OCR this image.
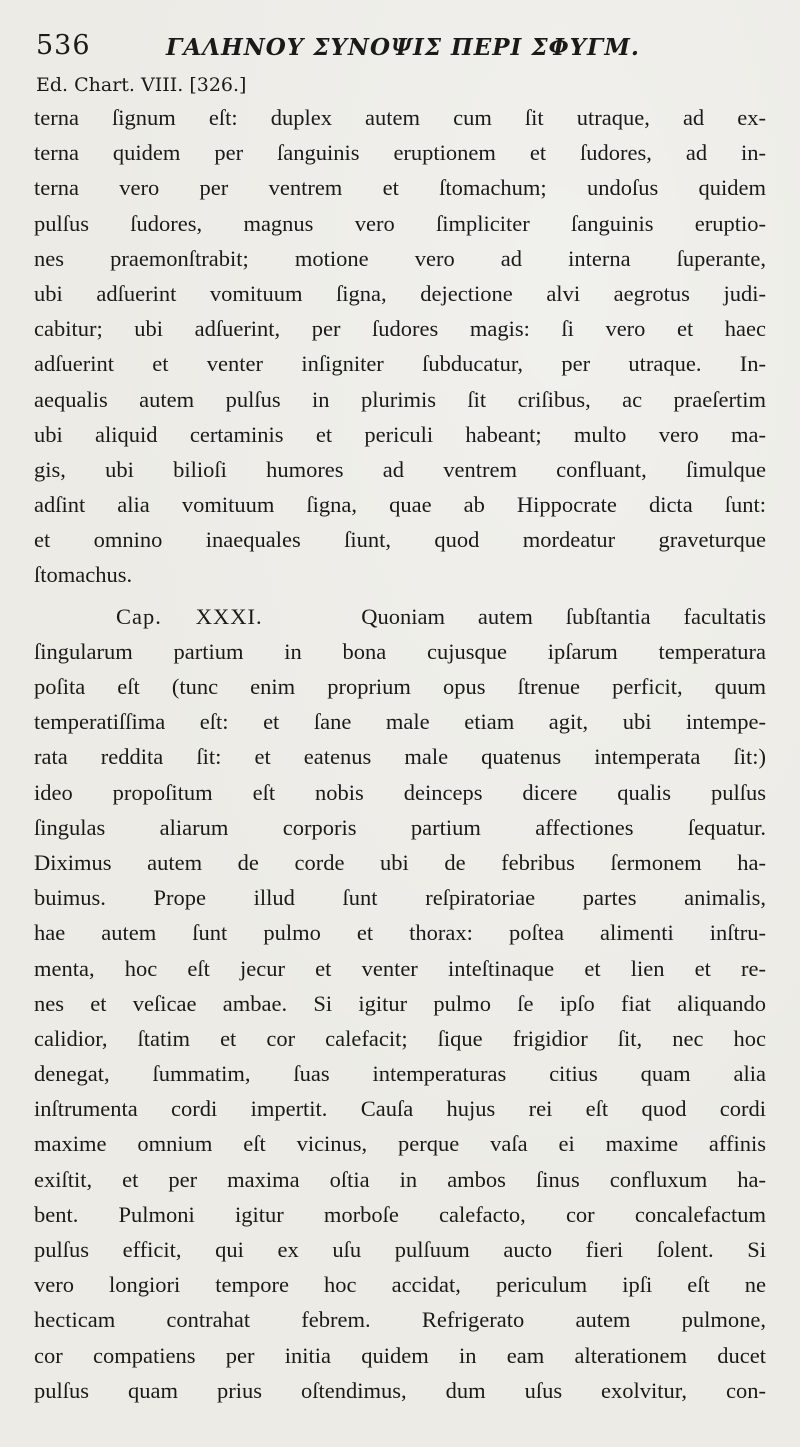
536	ΓΑΛΗΝΟΥ ΣΥΝΟΨΙΣ ΠΕΡΙ ΣΦΥΓΜ.
Ed. Chart. VIII. [326.]
terna ſignum eſt: duplex autem cum ſit utraque, ad ex-
terna quidem per ſanguinis eruptionem et ſudores, ad in-
terna vero per ventrem et ſtomachum; undoſus quidem
pulſus ſudores, magnus vero ſimpliciter ſanguinis eruptio-
nes praemonſtrabit; motione vero ad interna ſuperante,
ubi adſuerint vomituum ſigna, dejectione alvi aegrotus judi-
cabitur; ubi adſuerint, per ſudores magis: ſi vero et haec
adſuerint et venter inſigniter ſubducatur, per utraque. In-
aequalis autem pulſus in plurimis ſit criſibus, ac praeſertim
ubi aliquid certaminis et periculi habeant; multo vero ma-
gis, ubi bilioſi humores ad ventrem confluant, ſimulque
adſint alia vomituum ſigna, quae ab Hippocrate dicta ſunt:
et omnino inaequales ſiunt, quod mordeatur graveturque
ſtomachus.
Cap. XXXI.	Quoniam autem ſubſtantia facultatis
ſingularum partium in bona cujusque ipſarum temperatura
poſita eſt (tunc enim proprium opus ſtrenue perficit, quum
temperatiſſima eſt: et ſane male etiam agit, ubi intempe-
rata reddita ſit: et eatenus male quatenus intemperata ſit:)
ideo propoſitum eſt nobis deinceps dicere qualis pulſus
ſingulas aliarum corporis partium affectiones ſequatur.
Diximus autem de corde ubi de febribus ſermonem ha-
buimus. Prope illud ſunt reſpiratoriae partes animalis,
hae autem ſunt pulmo et thorax: poſtea alimenti inſtru-
menta, hoc eſt jecur et venter inteſtinaque et lien et re-
nes et veſicae ambae. Si igitur pulmo ſe ipſo fiat aliquando
calidior, ſtatim et cor calefacit; ſique frigidior ſit, nec hoc
denegat, ſummatim, ſuas intemperaturas citius quam alia
inſtrumenta cordi impertit. Cauſa hujus rei eſt quod cordi
maxime omnium eſt vicinus, perque vaſa ei maxime affinis
exiſtit, et per maxima oſtia in ambos ſinus confluxum ha-
bent. Pulmoni igitur morboſe calefacto, cor concalefactum
pulſus efficit, qui ex uſu pulſuum aucto fieri ſolent. Si
vero longiori tempore hoc accidat, periculum ipſi eſt ne
hecticam contrahat febrem. Refrigerato autem pulmone,
cor compatiens per initia quidem in eam alterationem ducet
pulſus quam prius oſtendimus, dum uſus exolvitur, con-
